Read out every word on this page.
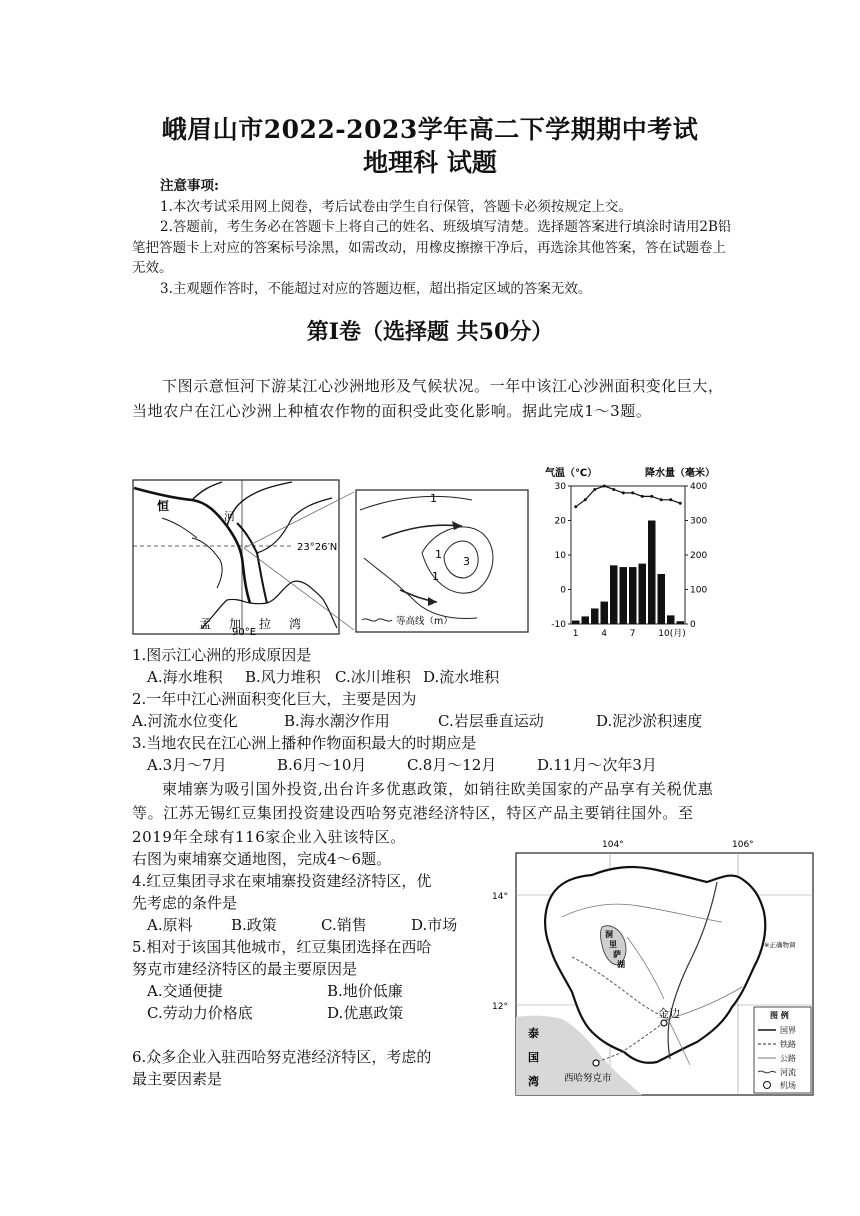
峨眉山市2022-2023学年高二下学期期中考试
地理科 试题
注意事项:

1.本次考试采用网上阅卷，考后试卷由学生自行保管，答题卡必须按规定上交。

2.答题前，考生务必在答题卡上将自己的姓名、班级填写清楚。选择题答案进行填涂时请用2B铅笔把答题卡上对应的答案标号涂黑，如需改动，用橡皮擦擦干净后，再选涂其他答案，答在试题卷上无效。

3.主观题作答时，不能超过对应的答题边框，超出指定区域的答案无效。

第Ⅰ卷（选择题 共50分）
下图示意恒河下游某江心沙洲地形及气候状况。一年中该江心沙洲面积变化巨大，当地农户在江心沙洲上种植农作物的面积受此变化影响。据此完成1～3题。
恒
河
23°26′N
孟 加 拉 湾
90°E
1
1
3
1
等高线（m）
气温（℃）	降水量（毫米）
30
20
10
0
-10
400
300
200
100
0
1	4	7	10(月)
1.图示江心洲的形成原因是
A.海水堆积 B.风力堆积 C.冰川堆积 D.流水堆积
2.一年中江心洲面积变化巨大，主要是因为
A.河流水位变化	B.海水潮汐作用	C.岩层垂直运动	D.泥沙淤积速度
3.当地农民在江心洲上播种作物面积最大的时期应是
A.3月～7月	B.6月～10月	C.8月～12月	D.11月～次年3月
柬埔寨为吸引国外投资,出台许多优惠政策，如销往欧美国家的产品享有关税优惠等。江苏无锡红豆集团投资建设西哈努克港经济特区，特区产品主要销往国外。至2019年全球有116家企业入驻该特区。
右图为柬埔寨交通地图，完成4～6题。
4.红豆集团寻求在柬埔寨投资建经济特区，优
先考虑的条件是
A.原料	B.政策	C.销售	D.市场
5.相对于该国其他城市，红豆集团选择在西哈
努克市建经济特区的最主要原因是
A.交通便捷	B.地价低廉
C.劳动力价格底	D.优惠政策
6.众多企业入驻西哈努克港经济特区，考虑的
最主要因素是
104°	106°
14°
12°
洞
里
萨
湖
金边
西哈努克市
泰
国
湾
※正确物调
图 例
国界
铁路
公路
河流
机场
